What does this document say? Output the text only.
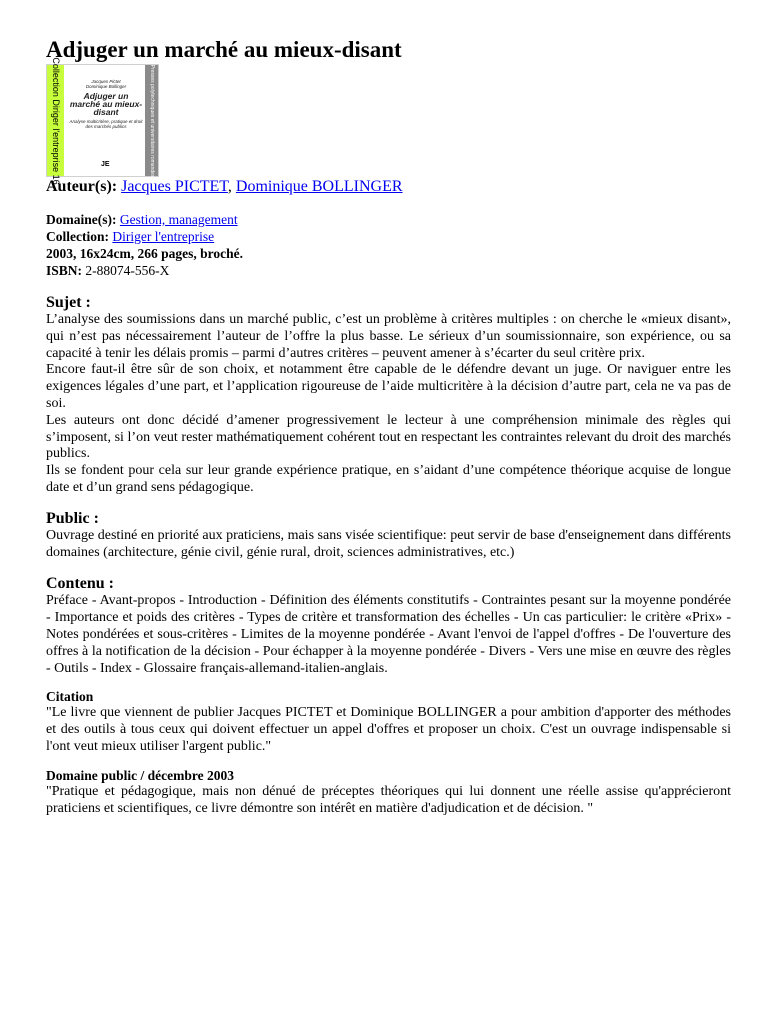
Adjuger un marché au mieux-disant
Collection Diriger l'entreprise 16	Jacques Pictet
Dominique Bollinger
Adjuger un marché au mieux-disant
Analyse multicritère, pratique et droit des marchés publics
JE	Presses polytechniques et universitaires romandes
Auteur(s): Jacques PICTET, Dominique BOLLINGER
Domaine(s): Gestion, management
Collection: Diriger l'entreprise
2003, 16x24cm, 266 pages, broché.
ISBN: 2-88074-556-X
Sujet :

L’analyse des soumissions dans un marché public, c’est un problème à critères multiples : on cherche le «mieux disant», qui n’est pas nécessairement l’auteur de l’offre la plus basse. Le sérieux d’un soumissionnaire, son expérience, ou sa capacité à tenir les délais promis – parmi d’autres critères – peuvent amener à s’écarter du seul critère prix.

Encore faut-il être sûr de son choix, et notamment être capable de le défendre devant un juge. Or naviguer entre les exigences légales d’une part, et l’application rigoureuse de l’aide multicritère à la décision d’autre part, cela ne va pas de soi.

Les auteurs ont donc décidé d’amener progressivement le lecteur à une compréhension minimale des règles qui s’imposent, si l’on veut rester mathématiquement cohérent tout en respectant les contraintes relevant du droit des marchés publics.

Ils se fondent pour cela sur leur grande expérience pratique, en s’aidant d’une compétence théorique acquise de longue date et d’un grand sens pédagogique.

Public :

Ouvrage destiné en priorité aux praticiens, mais sans visée scientifique: peut servir de base d'enseignement dans différents domaines (architecture, génie civil, génie rural, droit, sciences administratives, etc.)

Contenu :

Préface - Avant-propos - Introduction - Définition des éléments constitutifs - Contraintes pesant sur la moyenne pondérée - Importance et poids des critères - Types de critère et transformation des échelles - Un cas particulier: le critère «Prix» - Notes pondérées et sous-critères - Limites de la moyenne pondérée - Avant l'envoi de l'appel d'offres - De l'ouverture des offres à la notification de la décision - Pour échapper à la moyenne pondérée - Divers - Vers une mise en œuvre des règles - Outils - Index - Glossaire français-allemand-italien-anglais.

Citation

"Le livre que viennent de publier Jacques PICTET et Dominique BOLLINGER a pour ambition d'apporter des méthodes et des outils à tous ceux qui doivent effectuer un appel d'offres et proposer un choix. C'est un ouvrage indispensable si l'ont veut mieux utiliser l'argent public."

Domaine public / décembre 2003

"Pratique et pédagogique, mais non dénué de préceptes théoriques qui lui donnent une réelle assise qu'apprécieront praticiens et scientifiques, ce livre démontre son intérêt en matière d'adjudication et de décision. "
